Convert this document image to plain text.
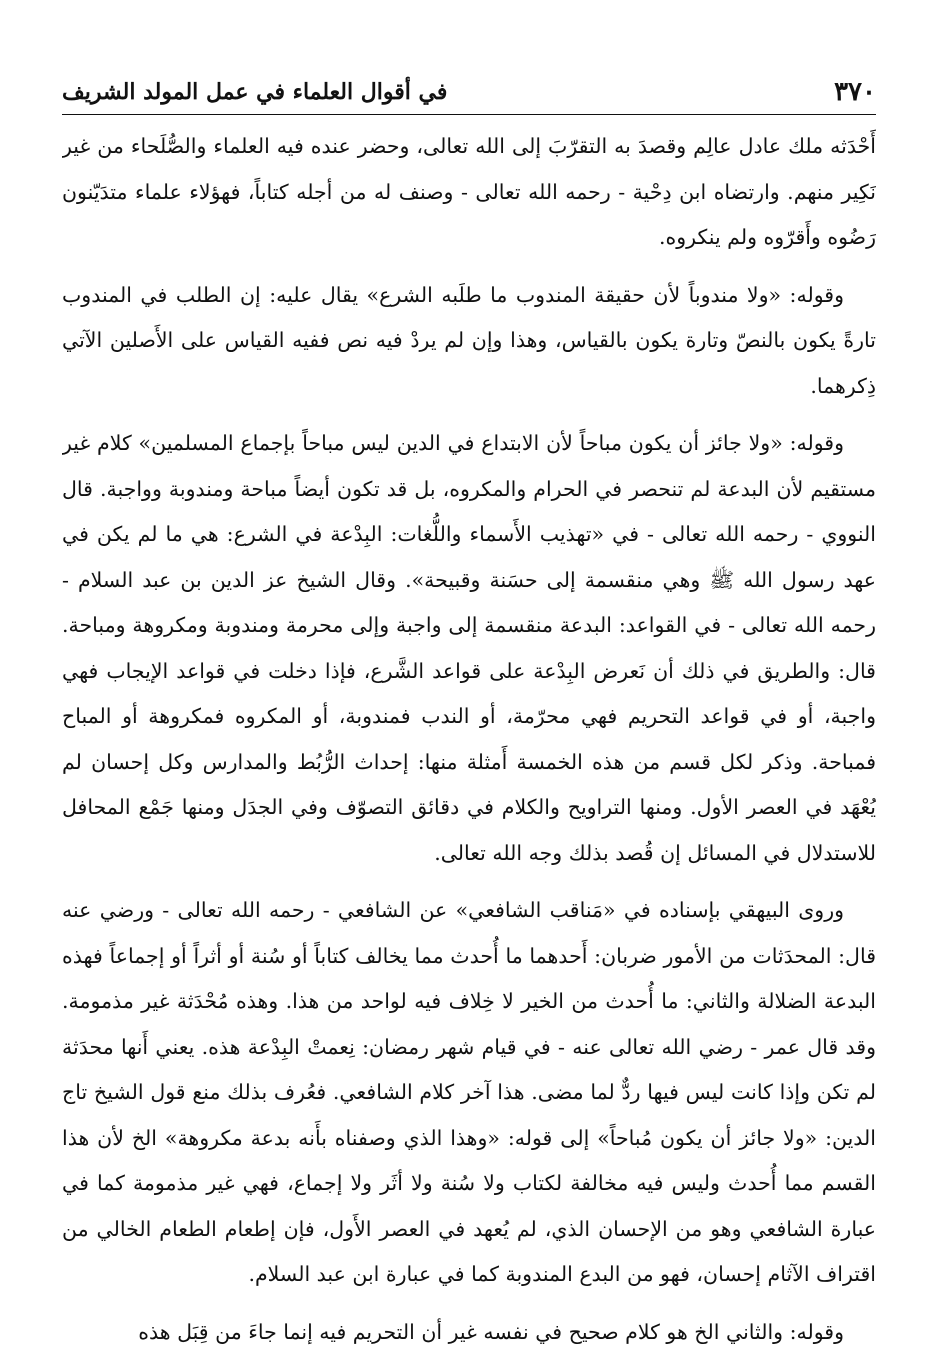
٣٧٠
في أقوال العلماء في عمل المولد الشريف

أَحْدَثه ملك عادل عالِم وقصدَ به التقرّبَ إلى الله تعالى، وحضر عنده فيه العلماء والصُّلَحاء من غير نَكِير منهم. وارتضاه ابن دِحْية - رحمه الله تعالى - وصنف له من أجله كتاباً، فهؤلاء علماء متدَيّنون رَضُوه وأَقرّوه ولم ينكروه.

وقوله: «ولا مندوباً لأن حقيقة المندوب ما طلَبه الشرع» يقال عليه: إن الطلب في المندوب تارةً يكون بالنصّ وتارة يكون بالقياس، وهذا وإن لم يردْ فيه نص ففيه القياس على الأَصلين الآتي ذِكرهما.

وقوله: «ولا جائز أن يكون مباحاً لأن الابتداع في الدين ليس مباحاً بإجماع المسلمين» كلام غير مستقيم لأن البدعة لم تنحصر في الحرام والمكروه، بل قد تكون أيضاً مباحة ومندوبة وواجبة. قال النووي - رحمه الله تعالى - في «تهذيب الأَسماء واللُّغات: البِدْعة في الشرع: هي ما لم يكن في عهد رسول الله ﷺ وهي منقسمة إلى حسَنة وقبيحة». وقال الشيخ عز الدين بن عبد السلام - رحمه الله تعالى - في القواعد: البدعة منقسمة إلى واجبة وإلى محرمة ومندوبة ومكروهة ومباحة. قال: والطريق في ذلك أن نَعرض البِدْعة على قواعد الشَّرع، فإذا دخلت في قواعد الإيجاب فهي واجبة، أو في قواعد التحريم فهي محرّمة، أو الندب فمندوبة، أو المكروه فمكروهة أو المباح فمباحة. وذكر لكل قسم من هذه الخمسة أَمثلة منها: إحداث الرُّبُط والمدارس وكل إحسان لم يُعْهَد في العصر الأول. ومنها التراويح والكلام في دقائق التصوّف وفي الجدَل ومنها جَمْع المحافل للاستدلال في المسائل إن قُصد بذلك وجه الله تعالى.

وروى البيهقي بإسناده في «مَناقب الشافعي» عن الشافعي - رحمه الله تعالى - ورضي عنه قال: المحدَثات من الأمور ضربان: أَحدهما ما أُحدث مما يخالف كتاباً أو سُنة أو أثراً أو إجماعاً فهذه البدعة الضلالة والثاني: ما أُحدث من الخير لا خِلاف فيه لواحد من هذا. وهذه مُحْدَثة غير مذمومة. وقد قال عمر - رضي الله تعالى عنه - في قيام شهر رمضان: نِعمتْ البِدْعة هذه. يعني أَنها محدَثة لم تكن وإذا كانت ليس فيها ردٌّ لما مضى. هذا آخر كلام الشافعي. فعُرف بذلك منع قول الشيخ تاج الدين: «ولا جائز أن يكون مُباحاً» إلى قوله: «وهذا الذي وصفناه بأَنه بدعة مكروهة» الخ لأن هذا القسم مما أُحدث وليس فيه مخالفة لكتاب ولا سُنة ولا أثَر ولا إجماع، فهي غير مذمومة كما في عبارة الشافعي وهو من الإحسان الذي، لم يُعهد في العصر الأَول، فإن إطعام الطعام الخالي من اقتراف الآثام إحسان، فهو من البدع المندوبة كما في عبارة ابن عبد السلام.

وقوله: والثاني الخ هو كلام صحيح في نفسه غير أن التحريم فيه إنما جاءَ من قِبَل هذه
